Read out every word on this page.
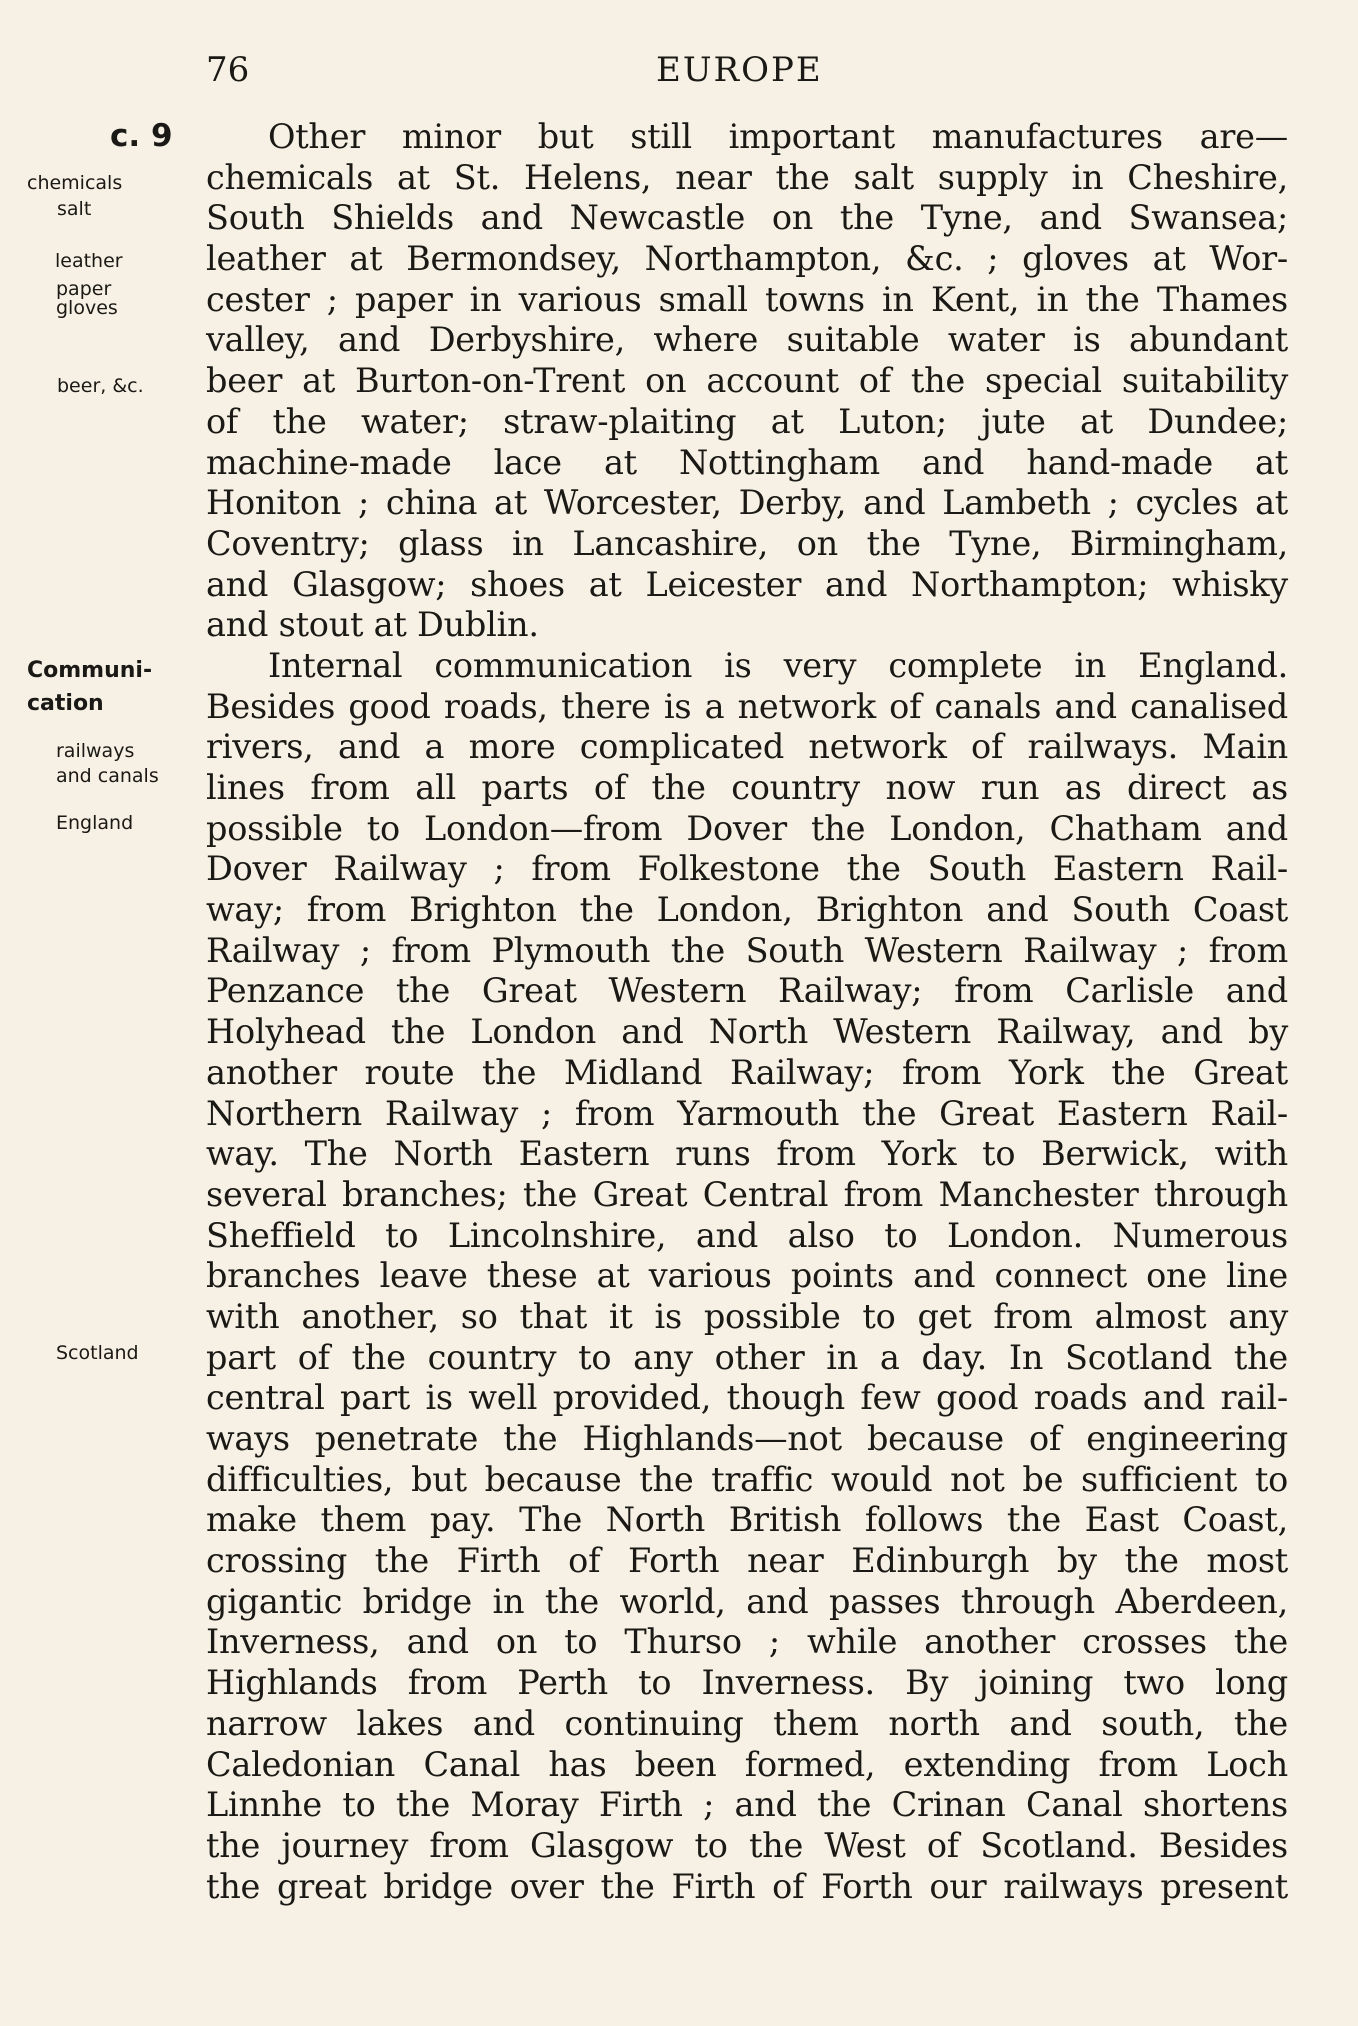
76	EUROPE
c. 9
chemicals
salt
leather
paper
gloves
beer, &c.
Communi-
cation
railways
and canals
England
Scotland
Other minor but still important manufactures are—
chemicals at St. Helens, near the salt supply in Cheshire,
South Shields and Newcastle on the Tyne, and Swansea;
leather at Bermondsey, Northampton, &c. ; gloves at Wor-
cester ; paper in various small towns in Kent, in the Thames
valley, and Derbyshire, where suitable water is abundant
beer at Burton-on-Trent on account of the special suitability
of the water; straw-plaiting at Luton; jute at Dundee;
machine-made lace at Nottingham and hand-made at
Honiton ; china at Worcester, Derby, and Lambeth ; cycles at
Coventry; glass in Lancashire, on the Tyne, Birmingham,
and Glasgow; shoes at Leicester and Northampton; whisky
and stout at Dublin.
Internal communication is very complete in England.
Besides good roads, there is a network of canals and canalised
rivers, and a more complicated network of railways. Main
lines from all parts of the country now run as direct as
possible to London—from Dover the London, Chatham and
Dover Railway ; from Folkestone the South Eastern Rail-
way; from Brighton the London, Brighton and South Coast
Railway ; from Plymouth the South Western Railway ; from
Penzance the Great Western Railway; from Carlisle and
Holyhead the London and North Western Railway, and by
another route the Midland Railway; from York the Great
Northern Railway ; from Yarmouth the Great Eastern Rail-
way. The North Eastern runs from York to Berwick, with
several branches; the Great Central from Manchester through
Sheffield to Lincolnshire, and also to London. Numerous
branches leave these at various points and connect one line
with another, so that it is possible to get from almost any
part of the country to any other in a day. In Scotland the
central part is well provided, though few good roads and rail-
ways penetrate the Highlands—not because of engineering
difficulties, but because the traffic would not be sufficient to
make them pay. The North British follows the East Coast,
crossing the Firth of Forth near Edinburgh by the most
gigantic bridge in the world, and passes through Aberdeen,
Inverness, and on to Thurso ; while another crosses the
Highlands from Perth to Inverness. By joining two long
narrow lakes and continuing them north and south, the
Caledonian Canal has been formed, extending from Loch
Linnhe to the Moray Firth ; and the Crinan Canal shortens
the journey from Glasgow to the West of Scotland. Besides
the great bridge over the Firth of Forth our railways present
